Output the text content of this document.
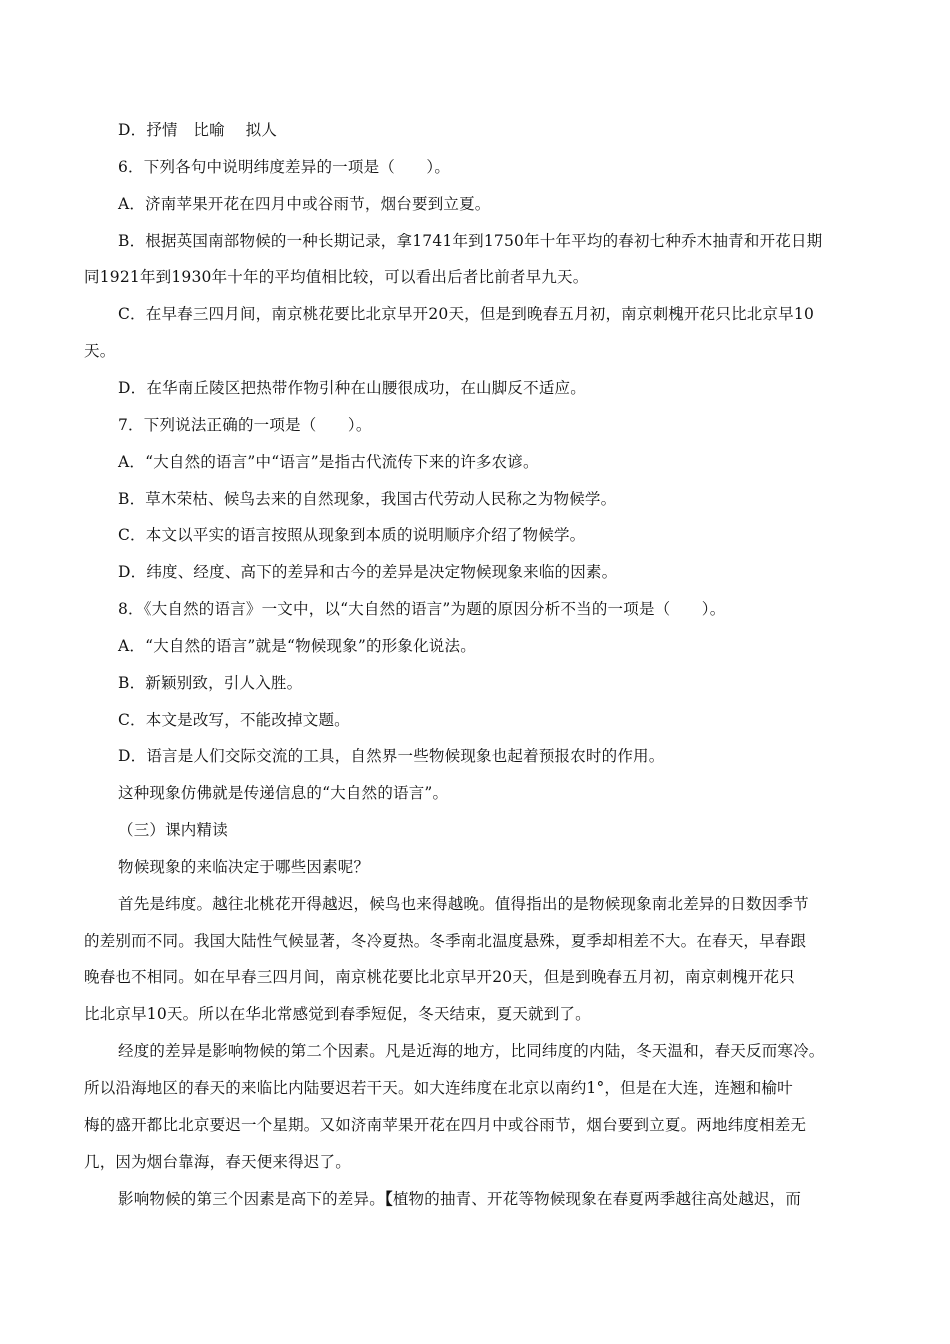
D．抒情　比喻　 拟人
6．下列各句中说明纬度差异的一项是（　　）。
A．济南苹果开花在四月中或谷雨节，烟台要到立夏。
B．根据英国南部物候的一种长期记录，拿1741年到1750年十年平均的春初七种乔木抽青和开花日期
同1921年到1930年十年的平均值相比较，可以看出后者比前者早九天。
C．在早春三四月间，南京桃花要比北京早开20天，但是到晚春五月初，南京刺槐开花只比北京早10
天。
D．在华南丘陵区把热带作物引种在山腰很成功，在山脚反不适应。
7．下列说法正确的一项是（　　）。
A．“大自然的语言”中“语言”是指古代流传下来的许多农谚。
B．草木荣枯、候鸟去来的自然现象，我国古代劳动人民称之为物候学。
C．本文以平实的语言按照从现象到本质的说明顺序介绍了物候学。
D．纬度、经度、高下的差异和古今的差异是决定物候现象来临的因素。
8．《大自然的语言》一文中，以“大自然的语言”为题的原因分析不当的一项是（　　）。
A．“大自然的语言”就是“物候现象”的形象化说法。
B．新颖别致，引人入胜。
C．本文是改写，不能改掉文题。
D．语言是人们交际交流的工具，自然界一些物候现象也起着预报农时的作用。
这种现象仿佛就是传递信息的“大自然的语言”。
（三）课内精读
物候现象的来临决定于哪些因素呢？
首先是纬度。越往北桃花开得越迟，候鸟也来得越晚。值得指出的是物候现象南北差异的日数因季节
的差别而不同。我国大陆性气候显著，冬冷夏热。冬季南北温度悬殊，夏季却相差不大。在春天，早春跟
晚春也不相同。如在早春三四月间，南京桃花要比北京早开20天，但是到晚春五月初，南京刺槐开花只
比北京早10天。所以在华北常感觉到春季短促，冬天结束，夏天就到了。
经度的差异是影响物候的第二个因素。凡是近海的地方，比同纬度的内陆，冬天温和，春天反而寒冷。
所以沿海地区的春天的来临比内陆要迟若干天。如大连纬度在北京以南约1°，但是在大连，连翘和榆叶
梅的盛开都比北京要迟一个星期。又如济南苹果开花在四月中或谷雨节，烟台要到立夏。两地纬度相差无
几，因为烟台靠海，春天便来得迟了。
影响物候的第三个因素是高下的差异。【植物的抽青、开花等物候现象在春夏两季越往高处越迟，而
